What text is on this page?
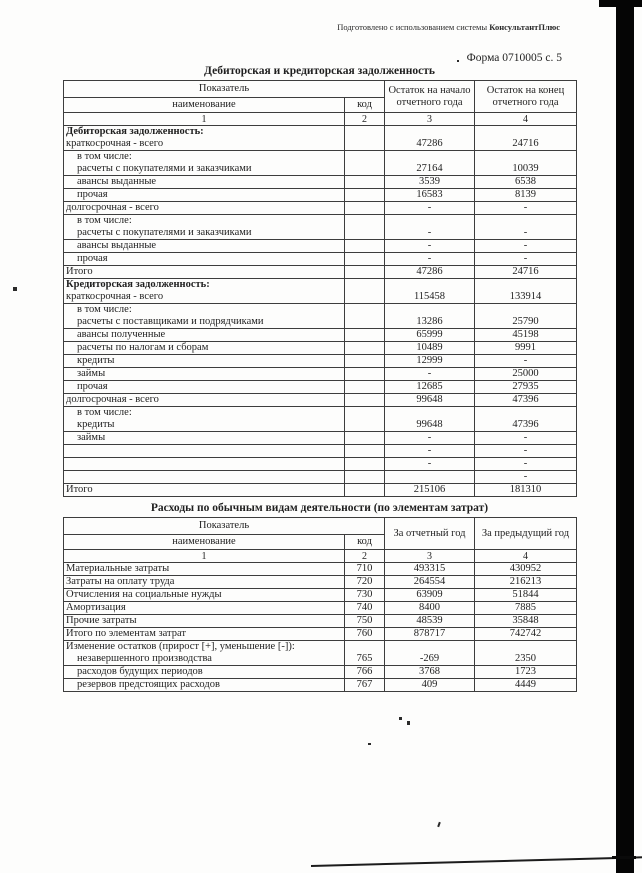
Подготовлено с использованием системы КонсультантПлюс
Форма 0710005 с. 5
Дебиторская и кредиторская задолженность
Показатель		Остаток на начало отчетного года	Остаток на конец отчетного года
наименование	код		
1	2	3	4

Дебиторская задолженность:
краткосрочная - всего		47286	24716

в том числе:
расчеты с покупателями и заказчиками		27164	10039

авансы выданные		3539	6538

прочая		16583	8139

долгосрочная - всего		-	-

в том числе:
расчеты с покупателями и заказчиками		-	-

авансы выданные		-	-

прочая		-	-

Итого		47286	24716

Кредиторская задолженность:
краткосрочная - всего		115458	133914

в том числе:
расчеты с поставщиками и подрядчиками		13286	25790

авансы полученные		65999	45198

расчеты по налогам и сборам		10489	9991

кредиты		12999	-

займы		-	25000

прочая		12685	27935

долгосрочная - всего		99648	47396

в том числе:
кредиты		99648	47396

займы		-	-

		-	-

		-	-

			-

Итого		215106	181310
Расходы по обычным видам деятельности (по элементам затрат)
Показатель		За отчетный год	За предыдущий год
наименование	код		
1	2	3	4

Материальные затраты	710	493315	430952

Затраты на оплату труда	720	264554	216213

Отчисления на социальные нужды	730	63909	51844

Амортизация	740	8400	7885

Прочие затраты	750	48539	35848

Итого по элементам затрат	760	878717	742742

Изменение остатков (прирост [+], уменьшение [-]):
незавершенного производства	765	-269	2350

расходов будущих периодов	766	3768	1723

резервов предстоящих расходов	767	409	4449
